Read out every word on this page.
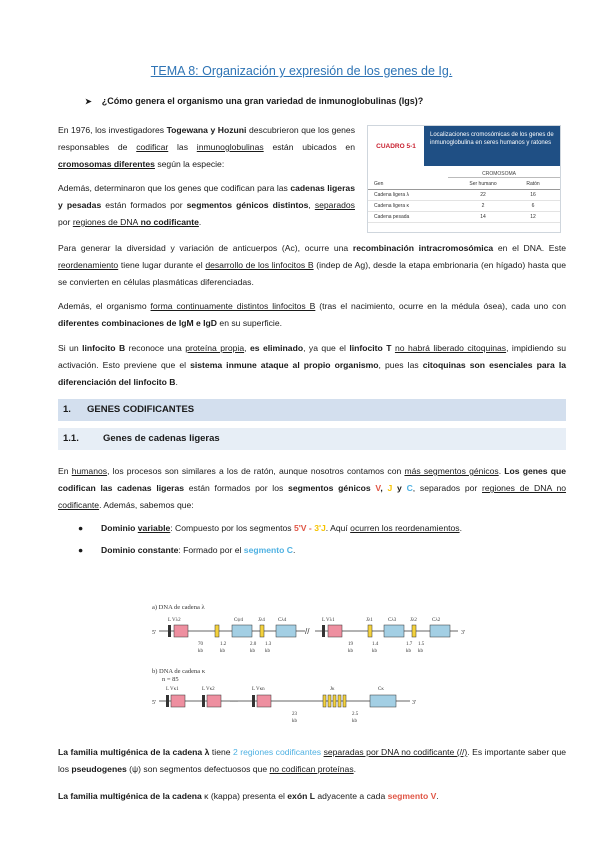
TEMA 8: Organización y expresión de los genes de Ig.
➤ ¿Cómo genera el organismo una gran variedad de inmunoglobulinas (Igs)?

En 1976, los investigadores Togewana y Hozuni descubrieron que los genes responsables de codificar las inmunoglobulinas están ubicados en cromosomas diferentes según la especie:

Además, determinaron que los genes que codifican para las cadenas ligeras y pesadas están formados por segmentos génicos distintos, separados por regiones de DNA no codificante.

CUADRO 5-1
Localizaciones cromosómicas de los genes de inmunoglobulina en seres humanos y ratones
CROMOSOMA
Gen	Ser humano	Ratón
Cadena ligera λ	22	16
Cadena ligera κ	2	6
Cadena pesada	14	12

Para generar la diversidad y variación de anticuerpos (Ac), ocurre una recombinación intracromosómica en el DNA. Este reordenamiento tiene lugar durante el desarrollo de los linfocitos B (indep de Ag), desde la etapa embrionaria (en hígado) hasta que se convierten en células plasmáticas diferenciadas.

Además, el organismo forma continuamente distintos linfocitos B (tras el nacimiento, ocurre en la médula ósea), cada uno con diferentes combinaciones de IgM e IgD en su superficie.

Si un linfocito B reconoce una proteína propia, es eliminado, ya que el linfocito T no habrá liberado citoquinas, impidiendo su activación. Esto previene que el sistema inmune ataque al propio organismo, pues las citoquinas son esenciales para la diferenciación del linfocito B.

1. GENES CODIFICANTES
1.1.	Genes de cadenas ligeras

En humanos, los procesos son similares a los de ratón, aunque nosotros contamos con más segmentos génicos. Los genes que codifican las cadenas ligeras están formados por los segmentos génicos V, J y C, separados por regiones de DNA no codificante. Además, sabemos que:

● Dominio variable: Compuesto por los segmentos 5'V - 3'J. Aquí ocurren los reordenamientos.
● Dominio constante: Formado por el segmento C.
a) DNA de cadena λ
b) DNA de cadena κ
n = 85
5'	3'
//
L Vλ2	Cψ4	Jλ4	Cλ4	L Vλ1	Jλ1	Cλ3	Jλ2	Cλ2
70
kb
1.2
kb
2.0
kb
1.3
kb
19
kb
1.4
kb
1.7
kb
1.5
kb
5'	3'
····
L Vκ1	L Vκ2	L Vκn	Jκ	Cκ
23
kb
2.5
kb

La familia multigénica de la cadena λ tiene 2 regiones codificantes separadas por DNA no codificante (//). Es importante saber que los pseudogenes (ψ) son segmentos defectuosos que no codifican proteínas.

La familia multigénica de la cadena κ (kappa) presenta el exón L adyacente a cada segmento V.
